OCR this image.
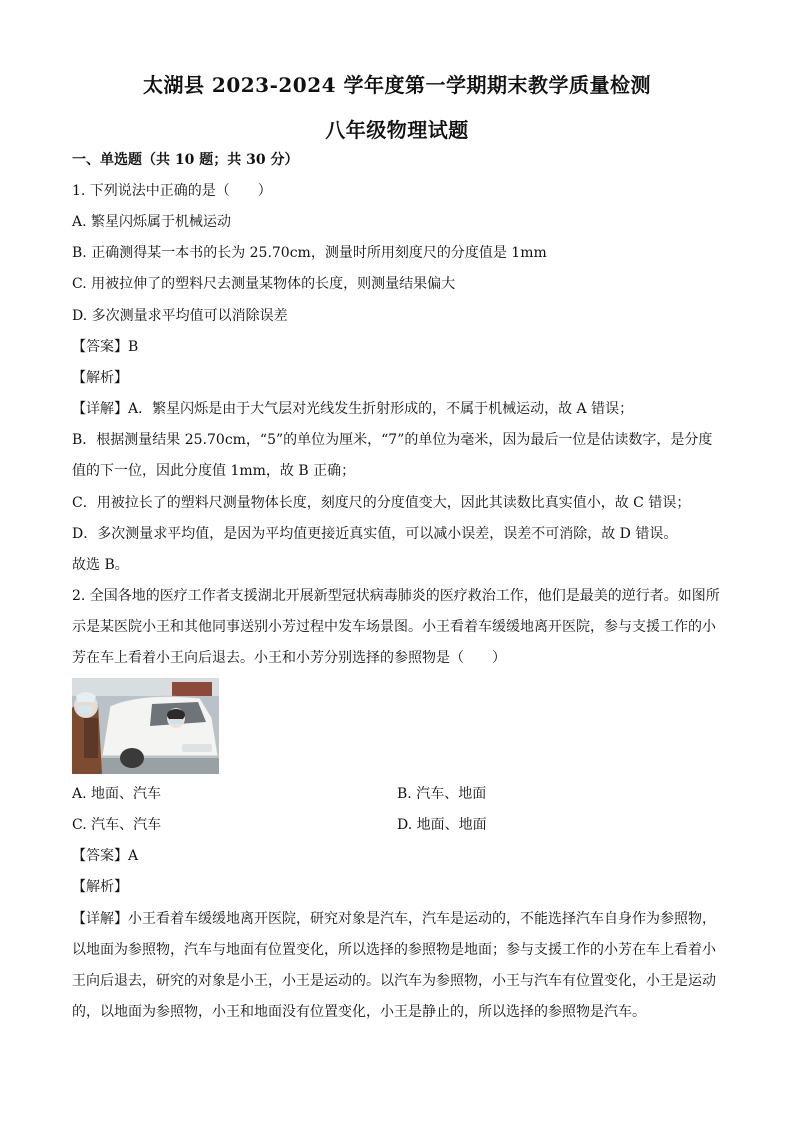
太湖县 2023-2024 学年度第一学期期末教学质量检测
八年级物理试题
一、单选题（共 10 题；共 30 分）
1. 下列说法中正确的是（　　）
A. 繁星闪烁属于机械运动
B. 正确测得某一本书的长为 25.70cm，测量时所用刻度尺的分度值是 1mm
C. 用被拉伸了的塑料尺去测量某物体的长度，则测量结果偏大
D. 多次测量求平均值可以消除误差
【答案】B
【解析】
【详解】A．繁星闪烁是由于大气层对光线发生折射形成的，不属于机械运动，故 A 错误；
B．根据测量结果 25.70cm，“5”的单位为厘米，“7”的单位为毫米，因为最后一位是估读数字，是分度
值的下一位，因此分度值 1mm，故 B 正确；
C．用被拉长了的塑料尺测量物体长度，刻度尺的分度值变大，因此其读数比真实值小，故 C 错误；
D．多次测量求平均值，是因为平均值更接近真实值，可以减小误差，误差不可消除，故 D 错误。
故选 B。
2. 全国各地的医疗工作者支援湖北开展新型冠状病毒肺炎的医疗救治工作，他们是最美的逆行者。如图所
示是某医院小王和其他同事送别小芳过程中发车场景图。小王看着车缓缓地离开医院，参与支援工作的小
芳在车上看着小王向后退去。小王和小芳分别选择的参照物是（　　）
A. 地面、汽车	B. 汽车、地面
C. 汽车、汽车	D. 地面、地面
【答案】A
【解析】
【详解】小王看着车缓缓地离开医院，研究对象是汽车，汽车是运动的，不能选择汽车自身作为参照物，
以地面为参照物，汽车与地面有位置变化，所以选择的参照物是地面；参与支援工作的小芳在车上看着小
王向后退去，研究的对象是小王，小王是运动的。以汽车为参照物，小王与汽车有位置变化，小王是运动
的，以地面为参照物，小王和地面没有位置变化，小王是静止的，所以选择的参照物是汽车。
